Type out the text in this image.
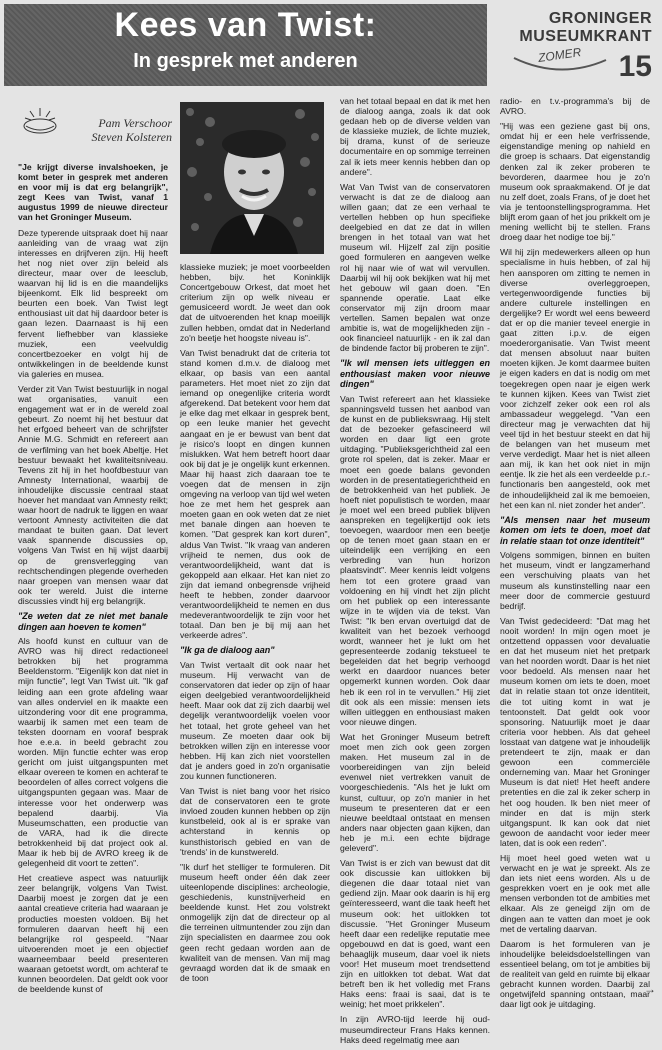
Kees van Twist:
In gesprek met anderen
GRONINGER
MUSEUMKRANT
ZOMER 15
Pam Verschoor
Steven Kolsteren

"Je krijgt diverse invalshoeken, je komt beter in gesprek met anderen en voor mij is dat erg belangrijk", zegt Kees van Twist, vanaf 1 augustus 1999 de nieuwe directeur van het Groninger Museum.

Deze typerende uitspraak doet hij naar aanleiding van de vraag wat zijn interesses en drijfveren zijn. Hij heeft het nog niet over zijn beleid als directeur, maar over de leesclub, waarvan hij lid is en die maandelijks bijeenkomt. Elk lid bespreekt om beurten een boek. Van Twist legt enthousiast uit dat hij daardoor beter is gaan lezen. Daarnaast is hij een fervent liefhebber van klassieke muziek, een veelvuldig concertbezoeker en volgt hij de ontwikkelingen in de beeldende kunst via galeries en musea.

Verder zit Van Twist bestuurlijk in nogal wat organisaties, vanuit een engagement wat er in de wereld zoal gebeurt. Zo noemt hij het bestuur dat het erfgoed beheert van de schrijfster Annie M.G. Schmidt en refereert aan de verfilming van het boek Abeltje. Het bestuur bewaakt het kwaliteitsniveau. Tevens zit hij in het hoofdbestuur van Amnesty International, waarbij de inhoudelijke discussie centraal staat hoever het mandaat van Amnesty reikt; waar hoort de nadruk te liggen en waar vertoont Amnesty activiteiten die dat mandaat te buiten gaan. Dat levert vaak spannende discussies op, volgens Van Twist en hij wijst daarbij op de grensverlegging van rechtschendingen plegende overheden naar groepen van mensen waar dat ook ter wereld. Juist die interne discussies vindt hij erg belangrijk.

"Ze weten dat ze niet met banale dingen aan hoeven te komen"

Als hoofd kunst en cultuur van de AVRO was hij direct redactioneel betrokken bij het programma Beeldenstorm. "Eigenlijk kon dat niet in mijn functie", legt Van Twist uit. "Ik gaf leiding aan een grote afdeling waar van alles onderviel en ik maakte een uitzondering voor dit ene programma, waarbij ik samen met een team de teksten doornam en vooraf besprak hoe e.e.a. in beeld gebracht zou worden. Mijn functie echter was erop gericht om juist uitgangspunten met elkaar overeen te komen en achteraf te beoordelen of alles correct volgens die uitgangspunten gegaan was. Maar de interesse voor het onderwerp was bepalend daarbij. Via Museumschatten, een productie van de VARA, had ik die directe betrokkenheid bij dat project ook al. Maar ik heb bij de AVRO kreeg ik de gelegenheid dit voort te zetten".

Het creatieve aspect was natuurlijk zeer belangrijk, volgens Van Twist. Daarbij moest je zorgen dat je een aantal creatieve criteria had waaraan je producties moesten voldoen. Bij het formuleren daarvan heeft hij een belangrijke rol gespeeld. "Naar uitvoerenden moet je een objectief waarneembaar beeld presenteren waaraan getoetst wordt, om achteraf te kunnen beoordelen. Dat geldt ook voor de beeldende kunst of

klassieke muziek; je moet voorbeelden hebben, bijv. het Koninklijk Concertgebouw Orkest, dat moet het criterium zijn op welk niveau er gemusiceerd wordt. Je weet dan ook dat de uitvoerenden het knap moeilijk zullen hebben, omdat dat in Nederland zo'n beetje het hoogste niveau is".

Van Twist benadrukt dat de criteria tot stand komen d.m.v. de dialoog met elkaar, op basis van een aantal parameters. Het moet niet zo zijn dat iemand op onegenlijke criteria wordt afgerekend. Dat betekent voor hem dat je elke dag met elkaar in gesprek bent, op een leuke manier het gevecht aangaat en je er bewust van bent dat je risico's loopt en dingen kunnen mislukken. Wat hem betreft hoort daar ook bij dat je je ongelijk kunt erkennen. Maar hij haast zich daaraan toe te voegen dat de mensen in zijn omgeving na verloop van tijd wel weten hoe ze met hem het gesprek aan moeten gaan en ook weten dat ze niet met banale dingen aan hoeven te komen. "Dat gesprek kan kort duren", aldus Van Twist. "Ik vraag van anderen vrijheid te nemen, dus ook de verantwoordelijkheid, want dat is gekoppeld aan elkaar. Het kan niet zo zijn dat iemand onbegrensde vrijheid heeft te hebben, zonder daarvoor verantwoordelijkheid te nemen en dus medeverantwoordelijk te zijn voor het totaal. Dan ben je bij mij aan het verkeerde adres".

"Ik ga de dialoog aan"

Van Twist vertaalt dit ook naar het museum. Hij verwacht van de conservatoren dat ieder op zijn of haar eigen deelgebied verantwoordelijkheid heeft. Maar ook dat zij zich daarbij wel degelijk verantwoordelijk voelen voor het totaal, het grote geheel van het museum. Ze moeten daar ook bij betrokken willen zijn en interesse voor hebben. Hij kan zich niet voorstellen dat je anders goed in zo'n organisatie zou kunnen functioneren.

Van Twist is niet bang voor het risico dat de conservatoren een te grote invloed zouden kunnen hebben op zijn kunstbeleid, ook al is er sprake van achterstand in kennis op kunsthistorisch gebied en van de 'trends' in de kunstwereld.

"Ik durf het stelliger te formuleren. Dit museum heeft onder één dak zeer uiteenlopende disciplines: archeologie, geschiedenis, kunstnijverheid en beeldende kunst. Het zou volstrekt onmogelijk zijn dat de directeur op al die terreinen uitmuntender zou zijn dan zijn specialisten en daarmee zou ook geen recht gedaan worden aan de kwaliteit van de mensen. Van mij mag gevraagd worden dat ik de smaak en de toon

van het totaal bepaal en dat ik met hen de dialoog aanga, zoals ik dat ook gedaan heb op de diverse velden van de klassieke muziek, de lichte muziek, bij drama, kunst of de serieuze documentaire en op sommige terreinen zal ik iets meer kennis hebben dan op andere".

Wat Van Twist van de conservatoren verwacht is dat ze de dialoog aan willen gaan; dat ze een verhaal te vertellen hebben op hun specifieke deelgebied en dat ze dat in willen brengen in het totaal van wat het museum wil. Hijzelf zal zijn positie goed formuleren en aangeven welke rol hij naar wie of wat wil vervullen. Daarbij wil hij ook bekijken wat hij met het gebouw wil gaan doen. "En spannende operatie. Laat elke conservator mij zijn droom maar vertellen. Samen bepalen wat onze ambitie is, wat de mogelijkheden zijn - ook financieel natuurlijk - en ik zal dan de bindende factor bij proberen te zijn".

"Ik wil mensen iets uitleggen en enthousiast maken voor nieuwe dingen"

Van Twist refereert aan het klassieke spanningsveld tussen het aanbod van de kunst en de publiekswraag. Hij stelt dat de bezoeker gefascineerd wil worden en daar ligt een grote uitdaging. "Publieksgerichtheid zal een grote rol spelen, dat is zeker. Maar er moet een goede balans gevonden worden in de presentatiegerichtheid en de betrokkenheid van het publiek. Je hoeft niet populistisch te worden, maar je moet wel een breed publiek blijven aanspreken en tegelijkertijd ook iets toevoegen, waardoor men een beetje op de tenen moet gaan staan en er uiteindelijk een verrijking en een verbreding van hun horizon plaatsvindt". Meer kennis leidt volgens hem tot een grotere graad van voldoening en hij vindt het zijn plicht om het publiek op een interessante wijze in te wijden via de tekst. Van Twist: "Ik ben ervan overtuigd dat de kwaliteit van het bezoek verhoogd wordt, wanneer het je lukt om het gepresenteerde zodanig tekstueel te begeleiden dat het begrip verhoogd werkt en daardoor nuances beter opgemerkt kunnen worden. Ook daar heb ik een rol in te vervullen." Hij ziet dit ook als een missie: mensen iets willen uitleggen en enthousiast maken voor nieuwe dingen.

Wat het Groninger Museum betreft moet men zich ook geen zorgen maken. Het museum zal in de voorbereidingen van zijn beleid evenwel niet vertrekken vanuit de voorgeschiedenis. "Als het je lukt om kunst, cultuur, op zo'n manier in het museum te presenteren dat er een nieuwe beeldtaal ontstaat en mensen anders naar objecten gaan kijken, dan heb je m.i. een echte bijdrage geleverd".

Van Twist is er zich van bewust dat dit ook discussie kan uitlokken bij diegenen die daar totaal niet van gediend zijn. Maar ook daarin is hij erg geïnteresseerd, want die taak heeft het museum ook: het uitlokken tot discussie. "Het Groninger Museum heeft daar een redelijke reputatie mee opgebouwd en dat is goed, want een behaaglijk museum, daar voel ik niets voor! Het museum moet trendsettend zijn en uitlokken tot debat. Wat dat betreft ben ik het volledig met Frans Haks eens: fraai is saai, dat is te weinig; het moet prikkelen".

In zijn AVRO-tijd leerde hij oud-museumdirecteur Frans Haks kennen. Haks deed regelmatig mee aan

radio- en t.v.-programma's bij de AVRO.

"Hij was een geziene gast bij ons, omdat hij er een hele verfrissende, eigenstandige mening op nahield en die groep is schaars. Dat eigenstandig denken zal ik zeker proberen te bevorderen, daarmee hou je zo'n museum ook spraakmakend. Of je dat nu zelf doet, zoals Frans, of je doet het via je tentoonstellingsprogramma. Het blijft erom gaan of het jou prikkelt om je mening wellicht bij te stellen. Frans droeg daar het nodige toe bij."

Wil hij zijn medewerkers alleen op hun specialisme in huis hebben, of zal hij hen aansporen om zitting te nemen in diverse overleggroepen, vertegenwoordigende functies bij andere culturele instellingen en dergelijke? Er wordt wel eens beweerd dat er op die manier teveel energie in gaat zitten i.p.v. de eigen moederorganisatie. Van Twist meent dat mensen absoluut naar buiten moeten kijken. Je komt daarmee buiten je eigen kaders en dat is nodig om met toegekregen open naar je eigen werk te kunnen kijken. Kees van Twist ziet voor zichzelf zeker ook een rol als ambassadeur weggelegd. "Van een directeur mag je verwachten dat hij veel tijd in het bestuur steekt en dat hij de belangen van het museum met verve verdedigt. Maar het is niet alleen aan mij, ik kan het ook niet in mijn eentje. Ik zie het als een verdeelde p.r.-functionaris ben aangesteld, ook met de inhoudelijkheid zal ik me bemoeien, het een kan nl. niet zonder het ander".

"Als mensen naar het museum komen om iets te doen, moet dat in relatie staan tot onze identiteit"

Volgens sommigen, binnen en buiten het museum, vindt er langzamerhand een verschuiving plaats van het museum als kunstinstelling naar een meer door de commercie gestuurd bedrijf.

Van Twist gedecideerd: "Dat mag het nooit worden! In mijn ogen moet je ontzettend oppassen voor devaluatie en dat het museum niet het pretpark van het noorden wordt. Daar is het niet voor bedoeld. Als mensen naar het museum komen om iets te doen, moet dat in relatie staan tot onze identiteit, die tot uiting komt in wat je tentoonstelt. Dat geldt ook voor sponsoring. Natuurlijk moet je daar criteria voor hebben. Als dat geheel losstaat van datgene wat je inhoudelijk pretendeert te zijn, maak er dan gewoon een commerciële onderneming van. Maar het Groninger Museum is dat niet! Het heeft andere pretenties en die zal ik zeker scherp in het oog houden. Ik ben niet meer of minder en dat is mijn sterk uitgangspunt. Ik kan ook dat niet gewoon de aandacht voor ieder meer laten, dat is ook een reden".

Hij moet heel goed weten wat u verwacht en je wat je spreekt. Als ze dan iets niet eens worden. Als u de gesprekken voert en je ook met alle mensen verbonden tot de ambities met elkaar. Als ze geneigd zijn om de dingen aan te vatten dan moet je ook met de vertaling daarvan.

Daarom is het formuleren van je inhoudelijke beleidsdoelstellingen van essentieel belang, om tot je ambities bij de realiteit van geld en ruimte bij elkaar gebracht kunnen worden. Daarbij zal ongetwijfeld spanning ontstaan, maar daar ligt ook je uitdaging.

→
